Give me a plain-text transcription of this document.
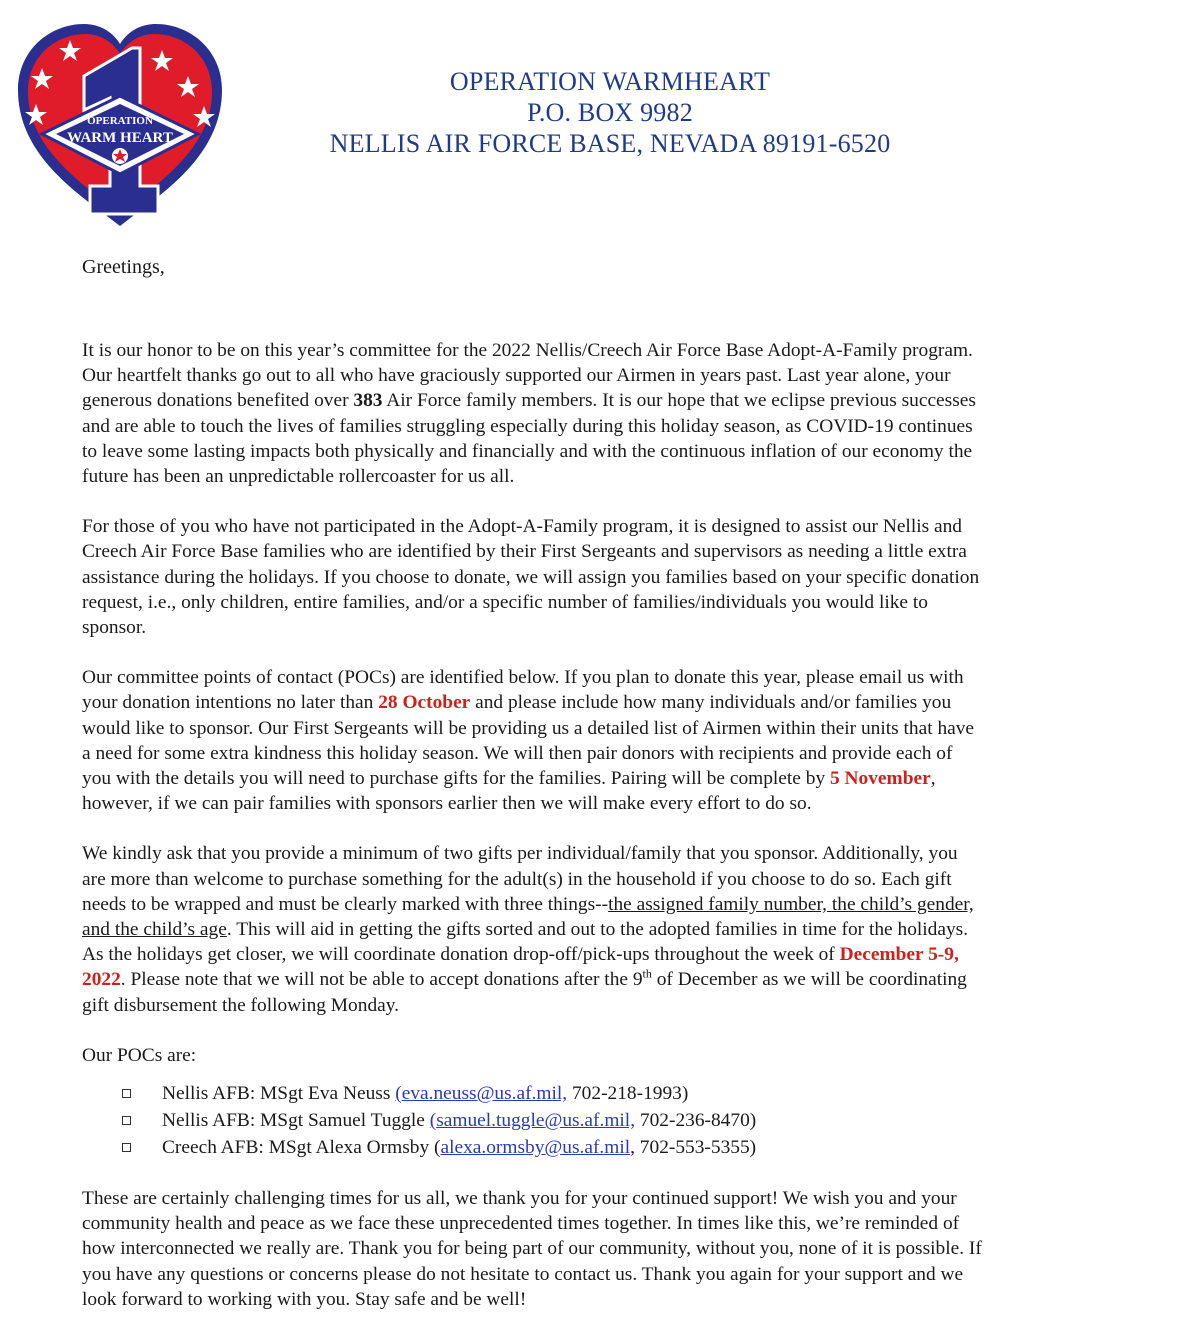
OPERATION
WARM HEART
OPERATION WARMHEART
P.O. BOX 9982
NELLIS AIR FORCE BASE, NEVADA 89191-6520
Greetings,
It is our honor to be on this year’s committee for the 2022 Nellis/Creech Air Force Base Adopt-A-Family program.
Our heartfelt thanks go out to all who have graciously supported our Airmen in years past. Last year alone, your
generous donations benefited over 383 Air Force family members. It is our hope that we eclipse previous successes
and are able to touch the lives of families struggling especially during this holiday season, as COVID-19 continues
to leave some lasting impacts both physically and financially and with the continuous inflation of our economy the
future has been an unpredictable rollercoaster for us all.
For those of you who have not participated in the Adopt-A-Family program, it is designed to assist our Nellis and
Creech Air Force Base families who are identified by their First Sergeants and supervisors as needing a little extra
assistance during the holidays. If you choose to donate, we will assign you families based on your specific donation
request, i.e., only children, entire families, and/or a specific number of families/individuals you would like to
sponsor.
Our committee points of contact (POCs) are identified below. If you plan to donate this year, please email us with
your donation intentions no later than 28 October and please include how many individuals and/or families you
would like to sponsor. Our First Sergeants will be providing us a detailed list of Airmen within their units that have
a need for some extra kindness this holiday season. We will then pair donors with recipients and provide each of
you with the details you will need to purchase gifts for the families. Pairing will be complete by 5 November,
however, if we can pair families with sponsors earlier then we will make every effort to do so.
We kindly ask that you provide a minimum of two gifts per individual/family that you sponsor. Additionally, you
are more than welcome to purchase something for the adult(s) in the household if you choose to do so. Each gift
needs to be wrapped and must be clearly marked with three things--the assigned family number, the child’s gender,
and the child’s age. This will aid in getting the gifts sorted and out to the adopted families in time for the holidays.
As the holidays get closer, we will coordinate donation drop-off/pick-ups throughout the week of December 5-9,
2022. Please note that we will not be able to accept donations after the 9th of December as we will be coordinating
gift disbursement the following Monday.
Our POCs are:
Nellis AFB: MSgt Eva Neuss (eva.neuss@us.af.mil, 702-218-1993)
Nellis AFB: MSgt Samuel Tuggle (samuel.tuggle@us.af.mil, 702-236-8470)
Creech AFB: MSgt Alexa Ormsby (alexa.ormsby@us.af.mil, 702-553-5355)
These are certainly challenging times for us all, we thank you for your continued support! We wish you and your
community health and peace as we face these unprecedented times together. In times like this, we’re reminded of
how interconnected we really are. Thank you for being part of our community, without you, none of it is possible. If
you have any questions or concerns please do not hesitate to contact us. Thank you again for your support and we
look forward to working with you. Stay safe and be well!
